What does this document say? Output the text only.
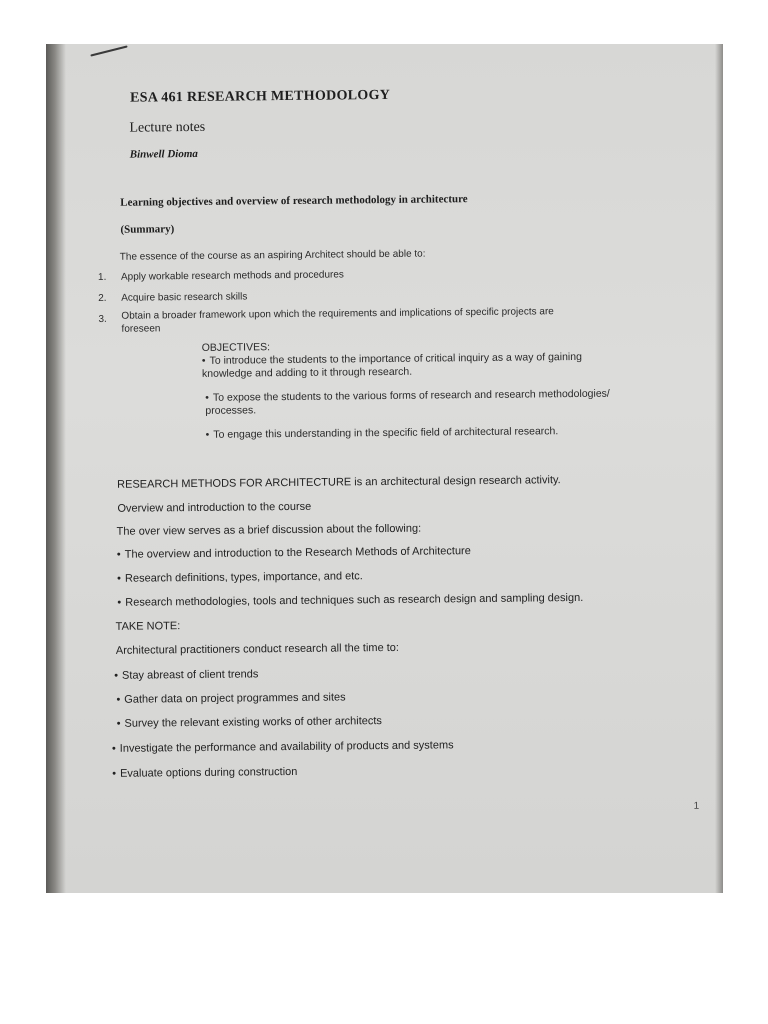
ESA 461 RESEARCH METHODOLOGY

Lecture notes

Binwell Dioma

Learning objectives and overview of research methodology in architecture

(Summary)

The essence of the course as an aspiring Architect should be able to:

1. Apply workable research methods and procedures
2. Acquire basic research skills
3. Obtain a broader framework upon which the requirements and implications of specific projects are
foreseen
OBJECTIVES:
• To introduce the students to the importance of critical inquiry as a way of gaining knowledge and adding to it through research.
• To expose the students to the various forms of research and research methodologies/ processes.
• To engage this understanding in the specific field of architectural research.

RESEARCH METHODS FOR ARCHITECTURE is an architectural design research activity.

Overview and introduction to the course

The over view serves as a brief discussion about the following:

• The overview and introduction to the Research Methods of Architecture

• Research definitions, types, importance, and etc.

• Research methodologies, tools and techniques such as research design and sampling design.

TAKE NOTE:

Architectural practitioners conduct research all the time to:

• Stay abreast of client trends

• Gather data on project programmes and sites

• Survey the relevant existing works of other architects

• Investigate the performance and availability of products and systems

• Evaluate options during construction

1
